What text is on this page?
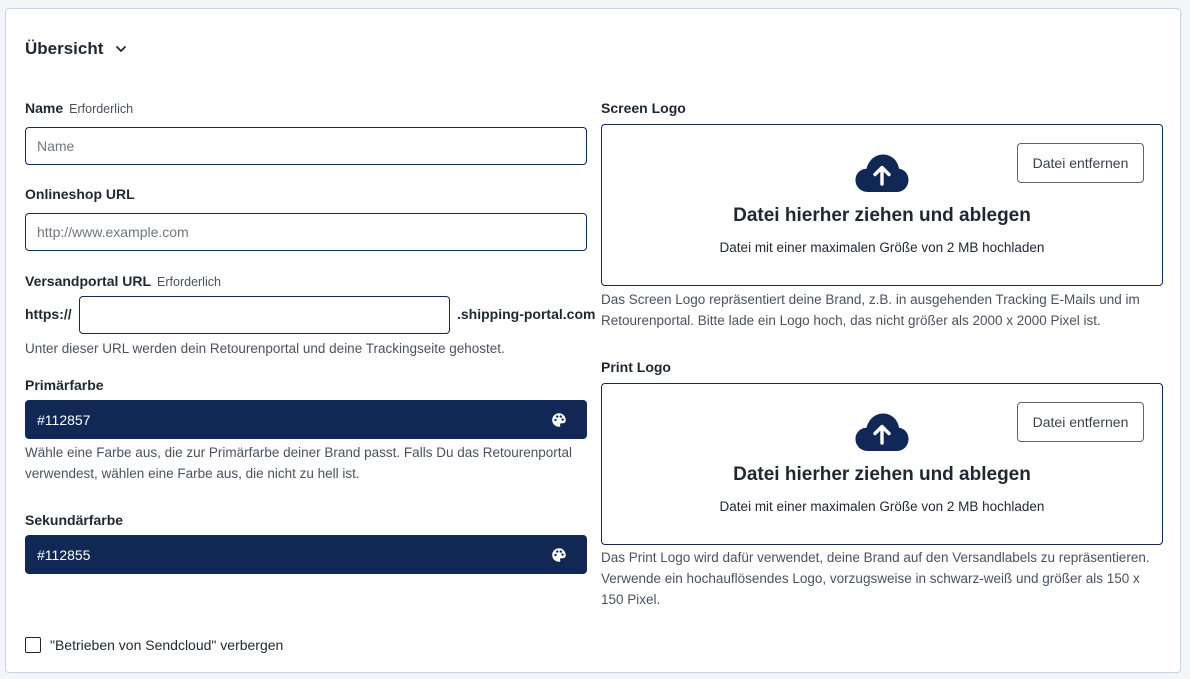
Übersicht
Name Erforderlich
Name
Onlineshop URL
http://www.example.com
Versandportal URL Erforderlich
https://	.shipping-portal.com
Unter dieser URL werden dein Retourenportal und deine Trackingseite gehostet.
Primärfarbe
#112857
Wähle eine Farbe aus, die zur Primärfarbe deiner Brand passt. Falls Du das Retourenportal verwendest, wählen eine Farbe aus, die nicht zu hell ist.
Sekundärfarbe
#112855
Screen Logo
Datei hierher ziehen und ablegen
Datei mit einer maximalen Größe von 2 MB hochladen
Datei entfernen
Das Screen Logo repräsentiert deine Brand, z.B. in ausgehenden Tracking E-Mails und im Retourenportal. Bitte lade ein Logo hoch, das nicht größer als 2000 x 2000 Pixel ist.
Print Logo
Datei hierher ziehen und ablegen
Datei mit einer maximalen Größe von 2 MB hochladen
Datei entfernen
Das Print Logo wird dafür verwendet, deine Brand auf den Versandlabels zu repräsentieren. Verwende ein hochauflösendes Logo, vorzugsweise in schwarz-weiß und größer als 150 x 150 Pixel.
"Betrieben von Sendcloud" verbergen
